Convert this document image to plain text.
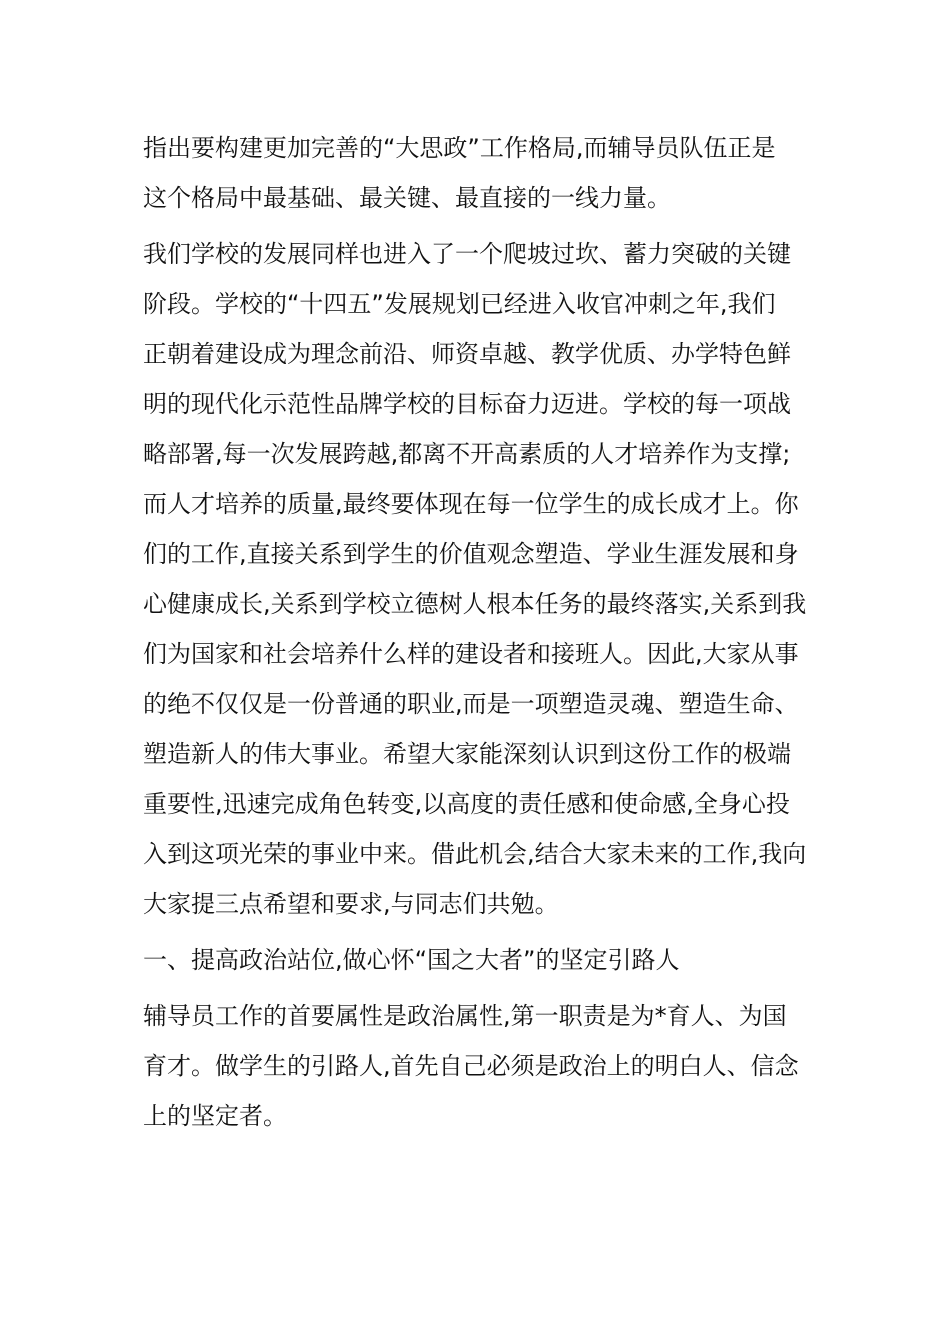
指出要构建更加完善的“大思政”工作格局,而辅导员队伍正是
这个格局中最基础、最关键、最直接的一线力量。

我们学校的发展同样也进入了一个爬坡过坎、蓄力突破的关键
阶段。学校的“十四五”发展规划已经进入收官冲刺之年,我们
正朝着建设成为理念前沿、师资卓越、教学优质、办学特色鲜
明的现代化示范性品牌学校的目标奋力迈进。学校的每一项战
略部署,每一次发展跨越,都离不开高素质的人才培养作为支撑;
而人才培养的质量,最终要体现在每一位学生的成长成才上。你
们的工作,直接关系到学生的价值观念塑造、学业生涯发展和身
心健康成长,关系到学校立德树人根本任务的最终落实,关系到我
们为国家和社会培养什么样的建设者和接班人。因此,大家从事
的绝不仅仅是一份普通的职业,而是一项塑造灵魂、塑造生命、
塑造新人的伟大事业。希望大家能深刻认识到这份工作的极端
重要性,迅速完成角色转变,以高度的责任感和使命感,全身心投
入到这项光荣的事业中来。借此机会,结合大家未来的工作,我向
大家提三点希望和要求,与同志们共勉。

一、提高政治站位,做心怀“国之大者”的坚定引路人

辅导员工作的首要属性是政治属性,第一职责是为*育人、为国
育才。做学生的引路人,首先自己必须是政治上的明白人、信念
上的坚定者。
